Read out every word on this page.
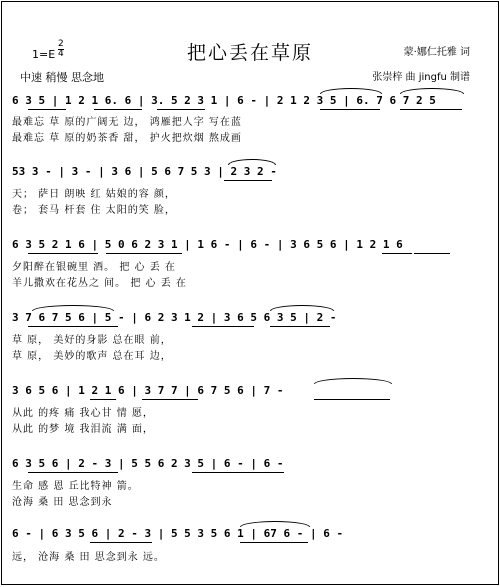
把心丢在草原
1=E
2
4
中速 稍慢 思念地
蒙·娜仁托雅 词
张崇梓 曲 jingfu 制谱
6 3 5 | 1 2 1 6. 6 | 3. 5 2 3 1 | 6 - | 2 1 2 3 5 | 6. 7 6 7 2 5
最难忘 草 原的广阔无 边， 鸿雁把人字 写在蓝
最难忘 草 原的奶茶香 甜， 护火把炊烟 熬成画
53 3 - | 3 - | 3 6 | 5 6 7 5 3 | 2 3 2 -
天； 萨日 朗映 红 姑娘的容 颜，
卷； 套马 杆套 住 太阳的笑 脸，
6 3 5 2 1 6 | 5 0 6 2 3 1 | 1 6 - | 6 - | 3 6 5 6 | 1 2 1 6
夕阳醉在银碗里 酒。 把 心 丢 在
羊儿撒欢在花丛之 间。 把 心 丢 在
3 7 6 7 5 6 | 5 - | 6 2 3 1 2 | 3 6 5 6 3 5 | 2 -
草 原， 美好的身影 总在眼 前，
草 原， 美妙的歌声 总在耳 边，
3 6 5 6 | 1 2 1 6 | 3 7 7 | 6 7 5 6 | 7 -
从此 的疼 痛 我心甘 情 愿，
从此 的梦 境 我泪流 满 面，
6 3 5 6 | 2 - 3 | 5 5 6 2 3 5 | 6 - | 6 -
生命 感 恩 丘比特神 箭。
沧海 桑 田 思念到永
6 - | 6 3 5 6 | 2 - 3 | 5 5 3 5 6 1 | 67 6 - | 6 -
远， 沧海 桑 田 思念到永 远。
